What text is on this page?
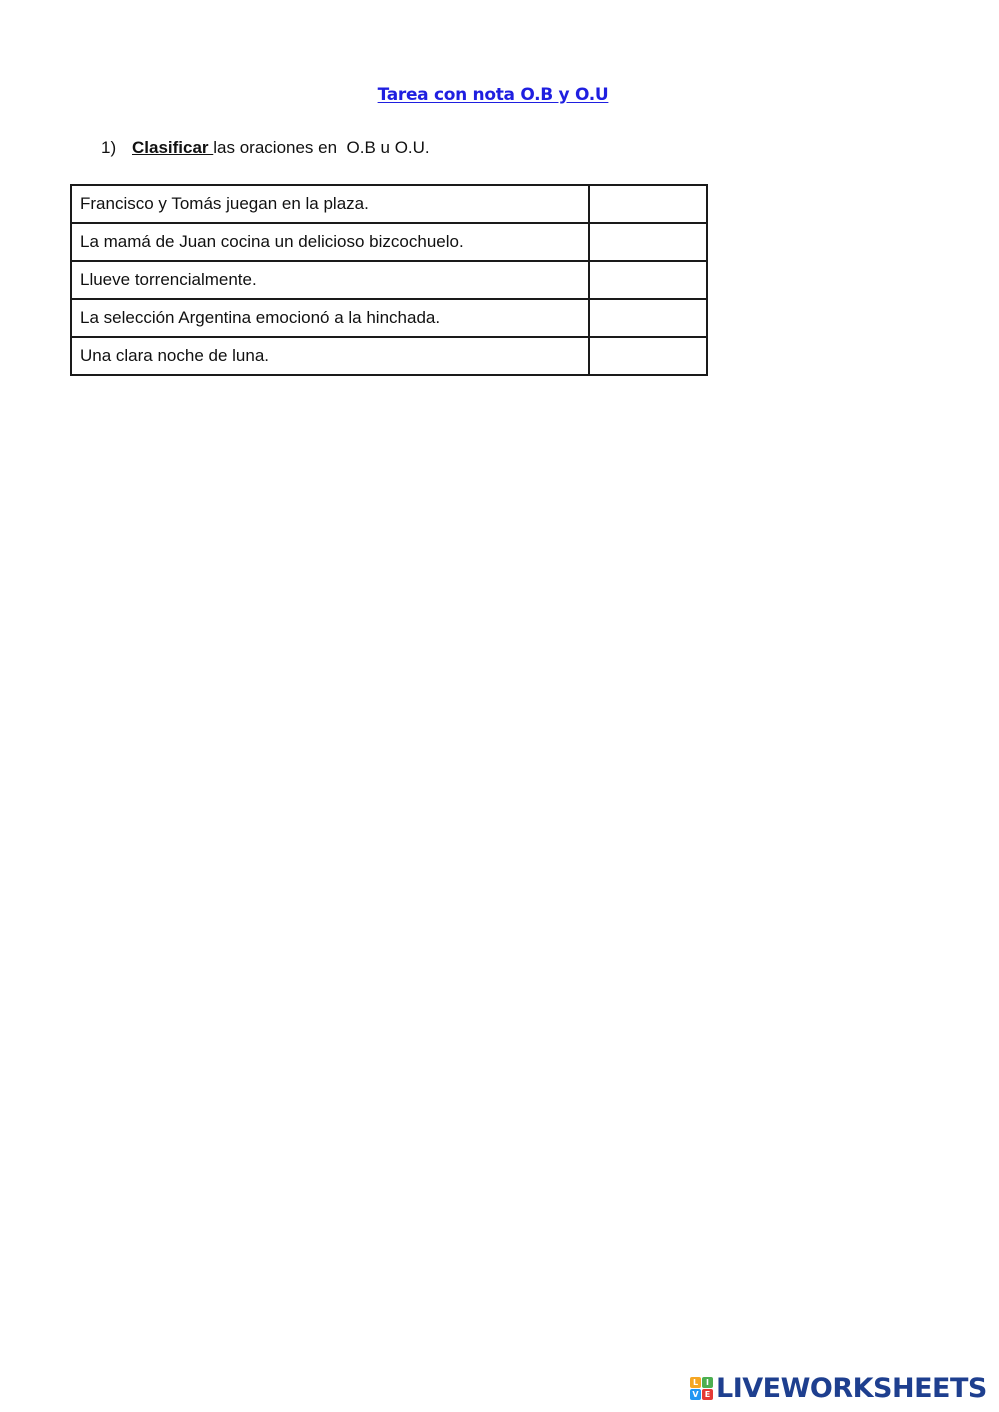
Tarea con nota O.B y O.U
1) Clasificar las oraciones en  O.B u O.U.
Francisco y Tomás juegan en la plaza.	
La mamá de Juan cocina un delicioso bizcochuelo.	
Llueve torrencialmente.	
La selección Argentina emocionó a la hinchada.	
Una clara noche de luna.	
L I
V E LIVEWORKSHEETS
